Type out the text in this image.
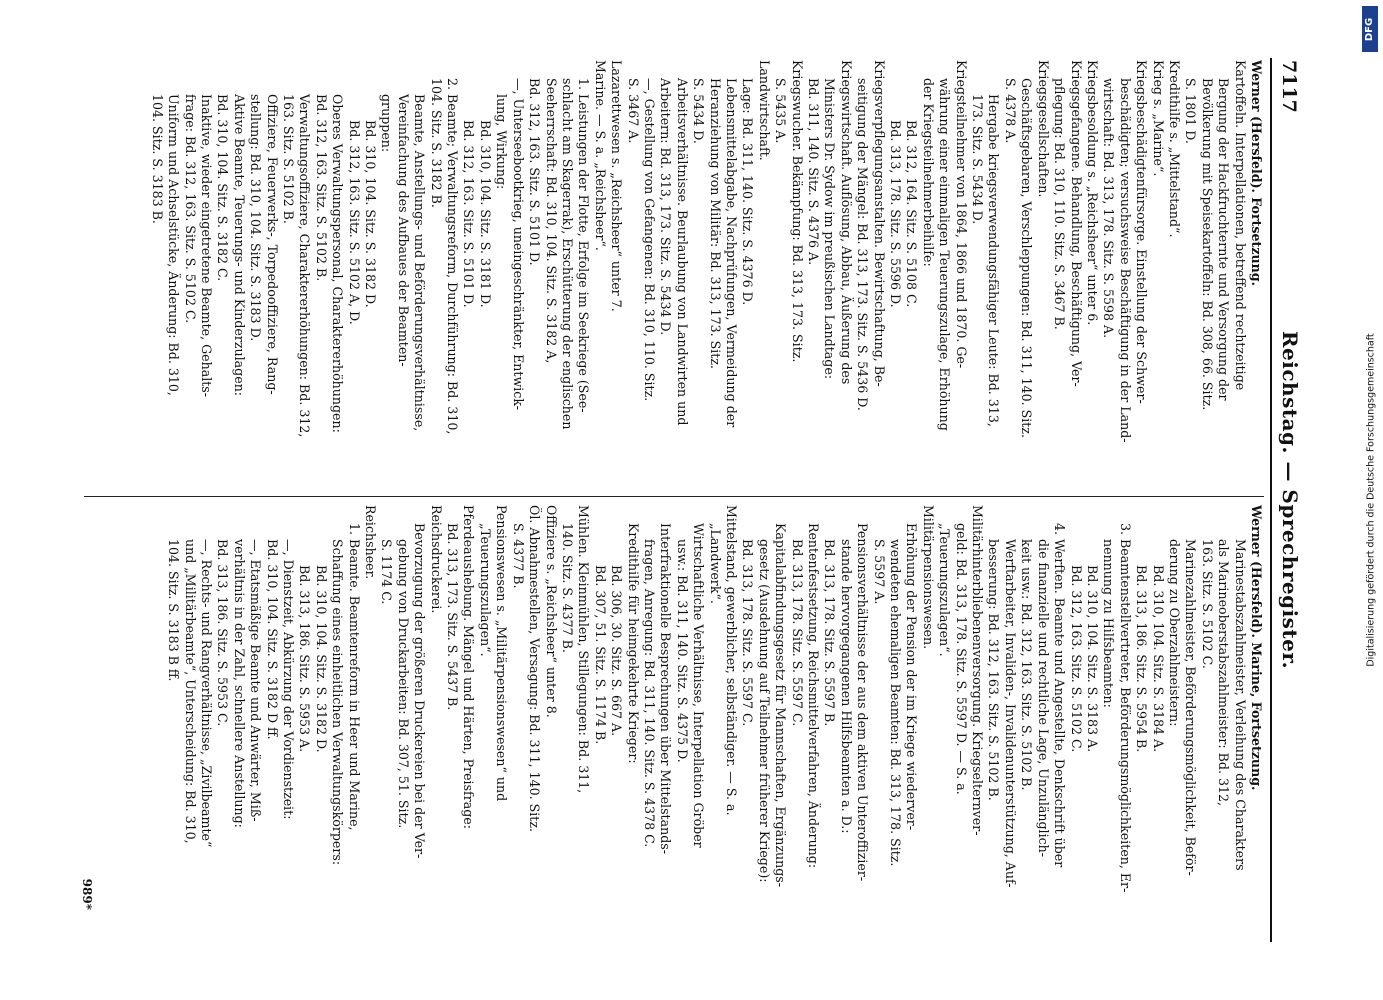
7117
Reichstag. — Sprechregister.
Werner (Hersfeld). Fortsetzung.
Kartoffeln. Interpellationen, betreffend rechtzeitige
Bergung der Hackfruchternte und Versorgung der
Bevölkerung mit Speisekartoffeln: Bd. 308, 66. Sitz.
S. 1801 D.
Kredithilfe s. „Mittelstand“.
Krieg s. „Marine“.
Kriegsbeschädigtenfürsorge. Einstellung der Schwer-
beschädigten; versuchsweise Beschäftigung in der Land-
wirtschaft: Bd. 313, 178. Sitz. S. 5598 A.
Kriegsbesoldung s. „Reichsheer“ unter 6.
Kriegsgefangene. Behandlung, Beschäftigung, Ver-
pflegung: Bd. 310, 110. Sitz. S. 3467 B.
Kriegsgesellschaften.
Geschäftsgebaren, Verschleppungen: Bd. 311, 140. Sitz.
S. 4378 A.
Hergabe kriegsverwendungsfähiger Leute: Bd. 313,
173. Sitz. S. 5434 D.
Kriegsteilnehmer von 1864, 1866 und 1870. Ge-
währung einer einmaligen Teuerungszulage, Erhöhung
der Kriegsteilnehmerbeihilfe:
Bd. 312, 164. Sitz. S. 5108 C.
Bd. 313, 178. Sitz. S. 5596 D.
Kriegsverpflegungsanstalten. Bewirtschaftung, Be-
seitigung der Mängel: Bd. 313, 173. Sitz. S. 5436 D.
Kriegswirtschaft. Auflösung, Abbau, Äußerung des
Ministers Dr. Sydow im preußischen Landtage:
Bd. 311, 140. Sitz. S. 4376 A.
Kriegswucher. Bekämpfung: Bd. 313, 173. Sitz.
S. 5435 A.
Landwirtschaft.
Lage: Bd. 311, 140. Sitz. S. 4376 D.
Lebensmittelabgabe, Nachprüfungen, Vermeidung der
Heranziehung von Militär: Bd. 313, 173. Sitz.
S. 5434 D.
Arbeitsverhältnisse. Beurlaubung von Landwirten und
Arbeitern: Bd. 313, 173. Sitz. S. 5434 D.
—, Gestellung von Gefangenen: Bd. 310, 110. Sitz.
S. 3467 A.
Lazarettwesen s. „Reichsheer“ unter 7.
Marine. — S. a. „Reichsheer“.
1. Leistungen der Flotte, Erfolge im Seekriege (See-
schlacht am Skagerrak), Erschütterung der englischen
Seeherrschaft: Bd. 310, 104. Sitz. S. 3182 A,
Bd. 312, 163. Sitz. S. 5101 D.
—, Unterseebootkrieg, uneingeschränkter, Entwick-
lung, Wirkung:
Bd. 310, 104. Sitz. S. 3181 D.
Bd. 312, 163. Sitz. S. 5101 D.
2. Beamte; Verwaltungsreform, Durchführung: Bd. 310,
104. Sitz. S. 3182 B.
Beamte, Anstellungs- und Beförderungsverhältnisse,
Vereinfachung des Aufbaues der Beamten-
gruppen:
Bd. 310, 104. Sitz. S. 3182 D.
Bd. 312, 163. Sitz. S. 5102 A, D.
Oberes Verwaltungspersonal, Charaktererhöhungen:
Bd. 312, 163. Sitz. S. 5102 B.
Verwaltungsoffiziere, Charaktererhöhungen: Bd. 312,
163. Sitz. S. 5102 B.
Offiziere, Feuerwerks-, Torpedooffiziere, Rang-
stellung: Bd. 310, 104. Sitz. S. 3183 D.
Aktive Beamte, Teuerungs- und Kinderzulagen:
Bd. 310, 104. Sitz. S. 3182 C.
Inaktive, wieder eingetretene Beamte, Gehalts-
frage: Bd. 312, 163. Sitz. S. 5102 C.
Uniform und Achselstücke, Änderung: Bd. 310,
104. Sitz. S. 3183 B.
Werner (Hersfeld). Marine, Fortsetzung.
Marinestabszahlmeister, Verleihung des Charakters
als Marineoberstabszahlmeister: Bd. 312,
163. Sitz. S. 5102 C.
Marinezahlmeister, Beförderungsmöglichkeit, Beför-
derung zu Oberzahlmeistern:
Bd. 310, 104. Sitz. S. 3184 A.
Bd. 313, 186. Sitz. S. 5954 B.
3. Beamtenstellvertreter, Beförderungsmöglichkeiten, Er-
nennung zu Hilfsbeamten:
Bd. 310, 104. Sitz. S. 3183 A.
Bd. 312, 163. Sitz. S. 5102 C.
4. Werften. Beamte und Angestellte, Denkschrift über
die finanzielle und rechtliche Lage, Unzulänglich-
keit usw.: Bd. 312, 163. Sitz. S. 5102 B.
Werftarbeiter, Invaliden-, Invalidenunterstützung, Auf-
besserung: Bd. 312, 163. Sitz. S. 5102 B.
Militärhinterbliebenenversorgung. Kriegselternver-
geld: Bd. 313, 178. Sitz. S. 5597 D. — S. a.
„Teuerungszulagen“.
Militärpensionswesen.
Erhöhung der Pension der im Kriege wiederver-
wendeten ehemaligen Beamten: Bd. 313, 178. Sitz.
S. 5597 A.
Pensionsverhältnisse der aus dem aktiven Unteroffizier-
stande hervorgegangenen Hilfsbeamten a. D.:
Bd. 313, 178. Sitz. S. 5597 B.
Rentenfestsetzung, Reichsmittelverfahren, Änderung:
Bd. 313, 178. Sitz. S. 5597 C.
Kapitalabfindungsgesetz für Mannschaften, Ergänzungs-
gesetz (Ausdehnung auf Teilnehmer früherer Kriege):
Bd. 313, 178. Sitz. S. 5597 C.
Mittelstand, gewerblicher, selbständiger. — S. a.
„Landwerk“.
Wirtschaftliche Verhältnisse, Interpellation Gröber
usw.: Bd. 311, 140. Sitz. S. 4375 D.
Interfraktionelle Besprechungen über Mittelstands-
fragen, Anregung: Bd. 311, 140. Sitz. S. 4378 C.
Kredithilfe für heimgekehrte Krieger:
Bd. 306, 30. Sitz. S. 667 A.
Bd. 307, 51. Sitz. S. 1174 B.
Mühlen. Kleinmühlen, Stillegungen: Bd. 311,
140. Sitz. S. 4377 B.
Offiziere s. „Reichsheer“ unter 8.
Öl. Abnahmestellen, Versagung: Bd. 311, 140. Sitz.
S. 4377 B.
Pensionswesen s. „Militärpensionswesen“ und
„Teuerungszulagen“.
Pferdeaushebung. Mängel und Härten, Preisfrage:
Bd. 313, 173. Sitz. S. 5437 B.
Reichsdruckerei.
Bevorzugung der größeren Druckereien bei der Ver-
gebung von Druckarbeiten: Bd. 307, 51. Sitz.
S. 1174 C.
Reichsheer.
1. Beamte. Beamtenreform in Heer und Marine,
Schaffung eines einheitlichen Verwaltungskörpers:
Bd. 310, 104. Sitz. S. 3182 D.
Bd. 313, 186. Sitz. S. 5953 A.
—, Dienstzeit, Abkürzung der Vordienstzeit:
Bd. 310, 104. Sitz. S. 3182 D ff.
—, Etatsmäßige Beamte und Anwärter, Miß-
verhältnis in der Zahl, schnellere Anstellung:
Bd. 313, 186. Sitz. S. 5953 C.
—, Rechts- und Rangverhältnisse, „Zivilbeamte“
und „Militärbeamte“, Unterscheidung: Bd. 310,
104. Sitz. S. 3183 B ff.
989*
DFG
Digitalisierung gefördert durch die Deutsche Forschungsgemeinschaft
